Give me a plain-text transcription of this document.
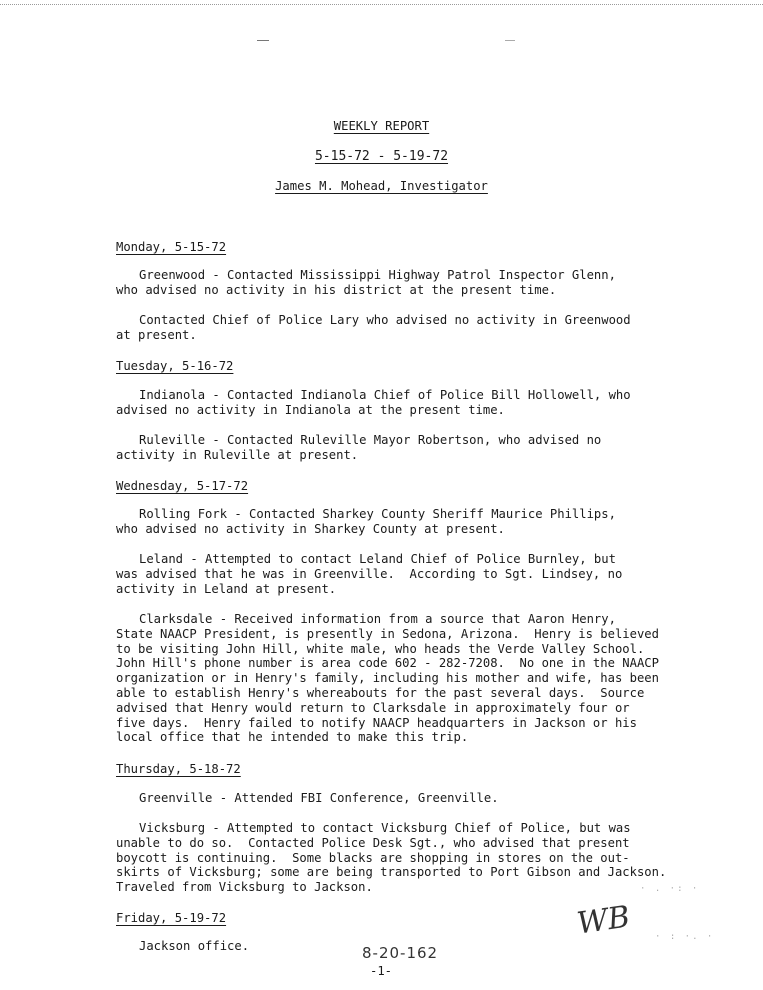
WEEKLY REPORT
5-15-72 - 5-19-72
James M. Mohead, Investigator
Monday, 5-15-72
Greenwood - Contacted Mississippi Highway Patrol Inspector Glenn,
who advised no activity in his district at the present time.
Contacted Chief of Police Lary who advised no activity in Greenwood
at present.
Tuesday, 5-16-72
Indianola - Contacted Indianola Chief of Police Bill Hollowell, who
advised no activity in Indianola at the present time.
Ruleville - Contacted Ruleville Mayor Robertson, who advised no
activity in Ruleville at present.
Wednesday, 5-17-72
Rolling Fork - Contacted Sharkey County Sheriff Maurice Phillips,
who advised no activity in Sharkey County at present.
Leland - Attempted to contact Leland Chief of Police Burnley, but
was advised that he was in Greenville.  According to Sgt. Lindsey, no
activity in Leland at present.
Clarksdale - Received information from a source that Aaron Henry,
State NAACP President, is presently in Sedona, Arizona.  Henry is believed
to be visiting John Hill, white male, who heads the Verde Valley School.
John Hill's phone number is area code 602 - 282-7208.  No one in the NAACP
organization or in Henry's family, including his mother and wife, has been
able to establish Henry's whereabouts for the past several days.  Source
advised that Henry would return to Clarksdale in approximately four or
five days.  Henry failed to notify NAACP headquarters in Jackson or his
local office that he intended to make this trip.
Thursday, 5-18-72
Greenville - Attended FBI Conference, Greenville.
Vicksburg - Attempted to contact Vicksburg Chief of Police, but was
unable to do so.  Contacted Police Desk Sgt., who advised that present
boycott is continuing.  Some blacks are shopping in stores on the out-
skirts of Vicksburg; some are being transported to Port Gibson and Jackson.
Traveled from Vicksburg to Jackson.
Friday, 5-19-72
Jackson office.
WB
8-20-162
· . ·: ·
· : ·. ·
-1-
